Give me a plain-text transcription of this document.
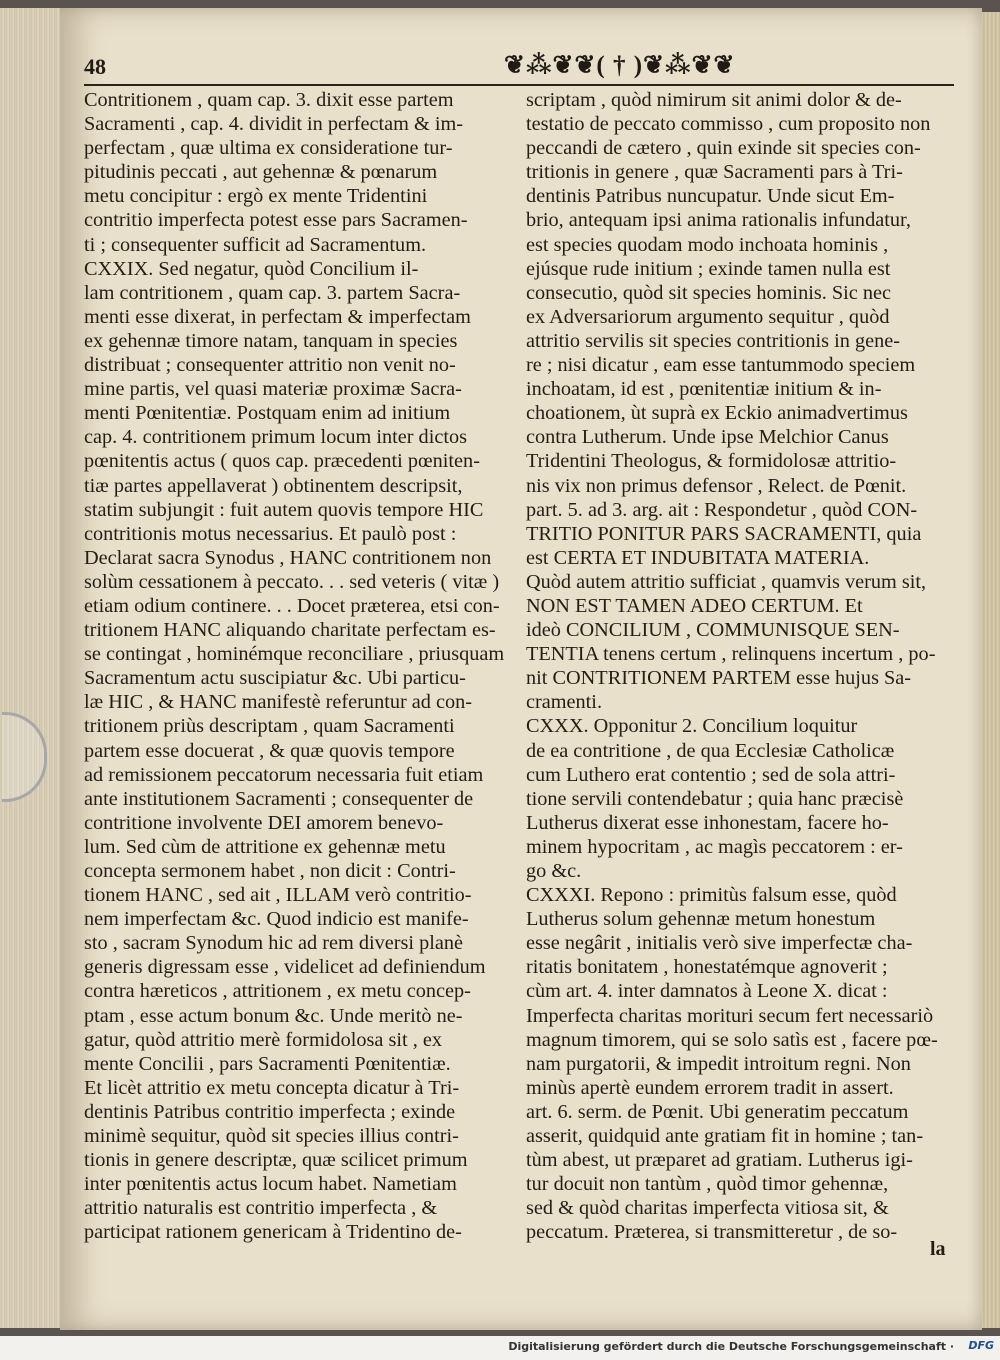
48	❦⁂❦❦( † )❦⁂❦❦

Contritionem , quam cap. 3. dixit esse partem

Sacramenti , cap. 4. dividit in perfectam & im-

perfectam , quæ ultima ex consideratione tur-

pitudinis peccati , aut gehennæ & pœnarum

metu concipitur : ergò ex mente Tridentini

contritio imperfecta potest esse pars Sacramen-

ti ; consequenter sufficit ad Sacramentum.

CXXIX. Sed negatur, quòd Concilium il-

lam contritionem , quam cap. 3. partem Sacra-

menti esse dixerat, in perfectam & imperfectam

ex gehennæ timore natam, tanquam in species

distribuat ; consequenter attritio non venit no-

mine partis, vel quasi materiæ proximæ Sacra-

menti Pœnitentiæ. Postquam enim ad initium

cap. 4. contritionem primum locum inter dictos

pœnitentis actus ( quos cap. præcedenti pœniten-

tiæ partes appellaverat ) obtinentem descripsit,

statim subjungit : fuit autem quovis tempore HIC

contritionis motus necessarius. Et paulò post :

Declarat sacra Synodus , HANC contritionem non

solùm cessationem à peccato. . . sed veteris ( vitæ )

etiam odium continere. . . Docet præterea, etsi con-

tritionem HANC aliquando charitate perfectam es-

se contingat , hominémque reconciliare , priusquam

Sacramentum actu suscipiatur &c. Ubi particu-

læ HIC , & HANC manifestè referuntur ad con-

tritionem priùs descriptam , quam Sacramenti

partem esse docuerat , & quæ quovis tempore

ad remissionem peccatorum necessaria fuit etiam

ante institutionem Sacramenti ; consequenter de

contritione involvente DEI amorem benevo-

lum. Sed cùm de attritione ex gehennæ metu

concepta sermonem habet , non dicit : Contri-

tionem HANC , sed ait , ILLAM verò contritio-

nem imperfectam &c. Quod indicio est manife-

sto , sacram Synodum hic ad rem diversi planè

generis digressam esse , videlicet ad definiendum

contra hæreticos , attritionem , ex metu concep-

ptam , esse actum bonum &c. Unde meritò ne-

gatur, quòd attritio merè formidolosa sit , ex

mente Concilii , pars Sacramenti Pœnitentiæ.

Et licèt attritio ex metu concepta dicatur à Tri-

dentinis Patribus contritio imperfecta ; exinde

minimè sequitur, quòd sit species illius contri-

tionis in genere descriptæ, quæ scilicet primum

inter pœnitentis actus locum habet. Nametiam

attritio naturalis est contritio imperfecta , &

participat rationem genericam à Tridentino de-

scriptam , quòd nimirum sit animi dolor & de-

testatio de peccato commisso , cum proposito non

peccandi de cætero , quin exinde sit species con-

tritionis in genere , quæ Sacramenti pars à Tri-

dentinis Patribus nuncupatur. Unde sicut Em-

brio, antequam ipsi anima rationalis infundatur,

est species quodam modo inchoata hominis ,

ejúsque rude initium ; exinde tamen nulla est

consecutio, quòd sit species hominis. Sic nec

ex Adversariorum argumento sequitur , quòd

attritio servilis sit species contritionis in gene-

re ; nisi dicatur , eam esse tantummodo speciem

inchoatam, id est , pœnitentiæ initium & in-

choationem, ùt suprà ex Eckio animadvertimus

contra Lutherum. Unde ipse Melchior Canus

Tridentini Theologus, & formidolosæ attritio-

nis vix non primus defensor , Relect. de Pœnit.

part. 5. ad 3. arg. ait : Respondetur , quòd CON-

TRITIO PONITUR PARS SACRAMENTI, quia

est CERTA ET INDUBITATA MATERIA.

Quòd autem attritio sufficiat , quamvis verum sit,

NON EST TAMEN ADEO CERTUM. Et

ideò CONCILIUM , COMMUNISQUE SEN-

TENTIA tenens certum , relinquens incertum , po-

nit CONTRITIONEM PARTEM esse hujus Sa-

cramenti.

CXXX. Opponitur 2. Concilium loquitur

de ea contritione , de qua Ecclesiæ Catholicæ

cum Luthero erat contentio ; sed de sola attri-

tione servili contendebatur ; quia hanc præcisè

Lutherus dixerat esse inhonestam, facere ho-

minem hypocritam , ac magìs peccatorem : er-

go &c.

CXXXI. Repono : primitùs falsum esse, quòd

Lutherus solum gehennæ metum honestum

esse negârit , initialis verò sive imperfectæ cha-

ritatis bonitatem , honestatémque agnoverit ;

cùm art. 4. inter damnatos à Leone X. dicat :

Imperfecta charitas morituri secum fert necessariò

magnum timorem, qui se solo satìs est , facere pœ-

nam purgatorii, & impedit introitum regni. Non

minùs apertè eundem errorem tradit in assert.

art. 6. serm. de Pœnit. Ubi generatim peccatum

asserit, quidquid ante gratiam fit in homine ; tan-

tùm abest, ut præparet ad gratiam. Lutherus igi-

tur docuit non tantùm , quòd timor gehennæ,

sed & quòd charitas imperfecta vitiosa sit, &

peccatum. Præterea, si transmitteretur , de so-

la
Digitalisierung gefördert durch die Deutsche Forschungsgemeinschaft · DFG
